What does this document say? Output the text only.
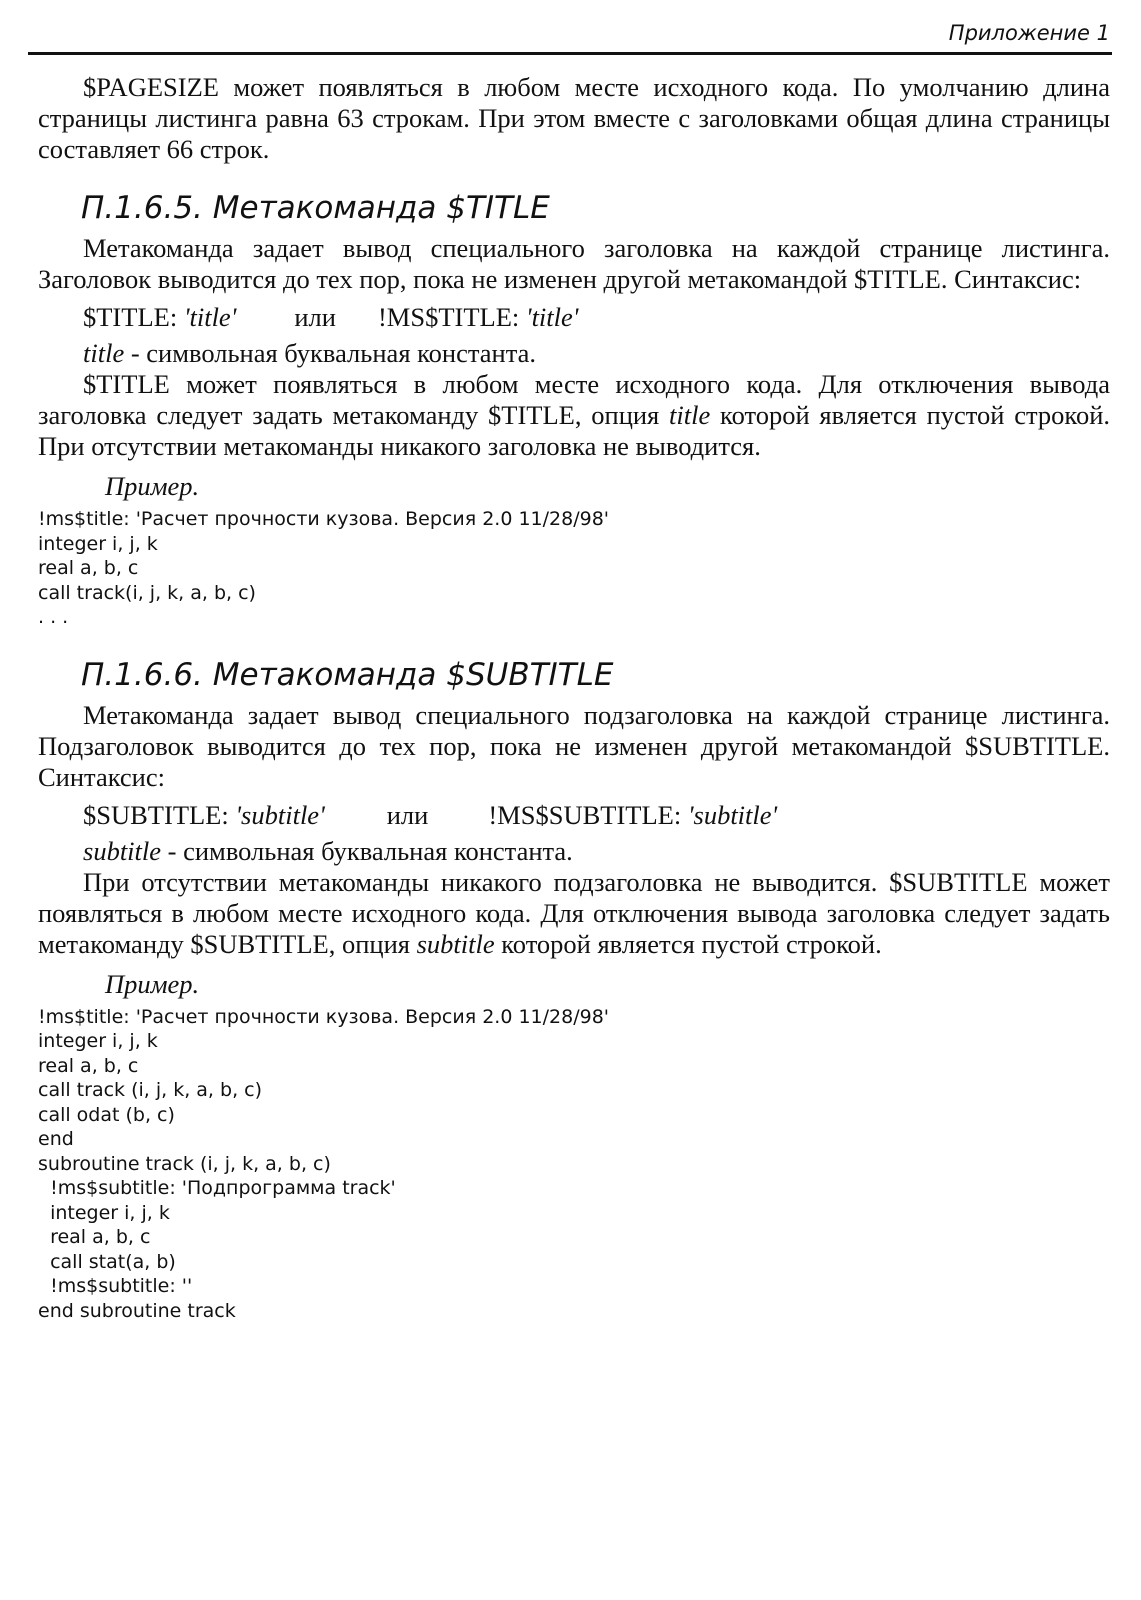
Приложение 1

$PAGESIZE может появляться в любом месте исходного кода. По умолчанию длина страницы листинга равна 63 строкам. При этом вместе с заголовками общая длина страницы составляет 66 строк.

П.1.6.5. Метакоманда $TITLE

Метакоманда задает вывод специального заголовка на каждой странице листинга. Заголовок выводится до тех пор, пока не изменен другой метакомандой $TITLE. Синтаксис:

$TITLE: 'title' или !MS$TITLE: 'title'

title - символьная буквальная константа.

$TITLE может появляться в любом месте исходного кода. Для отключения вывода заголовка следует задать метакоманду $TITLE, опция title которой является пустой строкой. При отсутствии метакоманды никакого заголовка не выводится.

Пример.

!ms$title: 'Расчет прочности кузова. Версия 2.0 11/28/98'
integer i, j, k
real a, b, c
call track(i, j, k, a, b, c)
. . .
П.1.6.6. Метакоманда $SUBTITLE

Метакоманда задает вывод специального подзаголовка на каждой странице листинга. Подзаголовок выводится до тех пор, пока не изменен другой метакомандой $SUBTITLE. Синтаксис:

$SUBTITLE: 'subtitle' или !MS$SUBTITLE: 'subtitle'

subtitle - символьная буквальная константа.

При отсутствии метакоманды никакого подзаголовка не выводится. $SUBTITLE может появляться в любом месте исходного кода. Для отключения вывода заголовка следует задать метакоманду $SUBTITLE, опция subtitle которой является пустой строкой.

Пример.

!ms$title: 'Расчет прочности кузова. Версия 2.0 11/28/98'
integer i, j, k
real a, b, c
call track (i, j, k, a, b, c)
call odat (b, c)
end
subroutine track (i, j, k, a, b, c)
!ms$subtitle: 'Подпрограмма track'
integer i, j, k
real a, b, c
call stat(a, b)
!ms$subtitle: ''
end subroutine track
